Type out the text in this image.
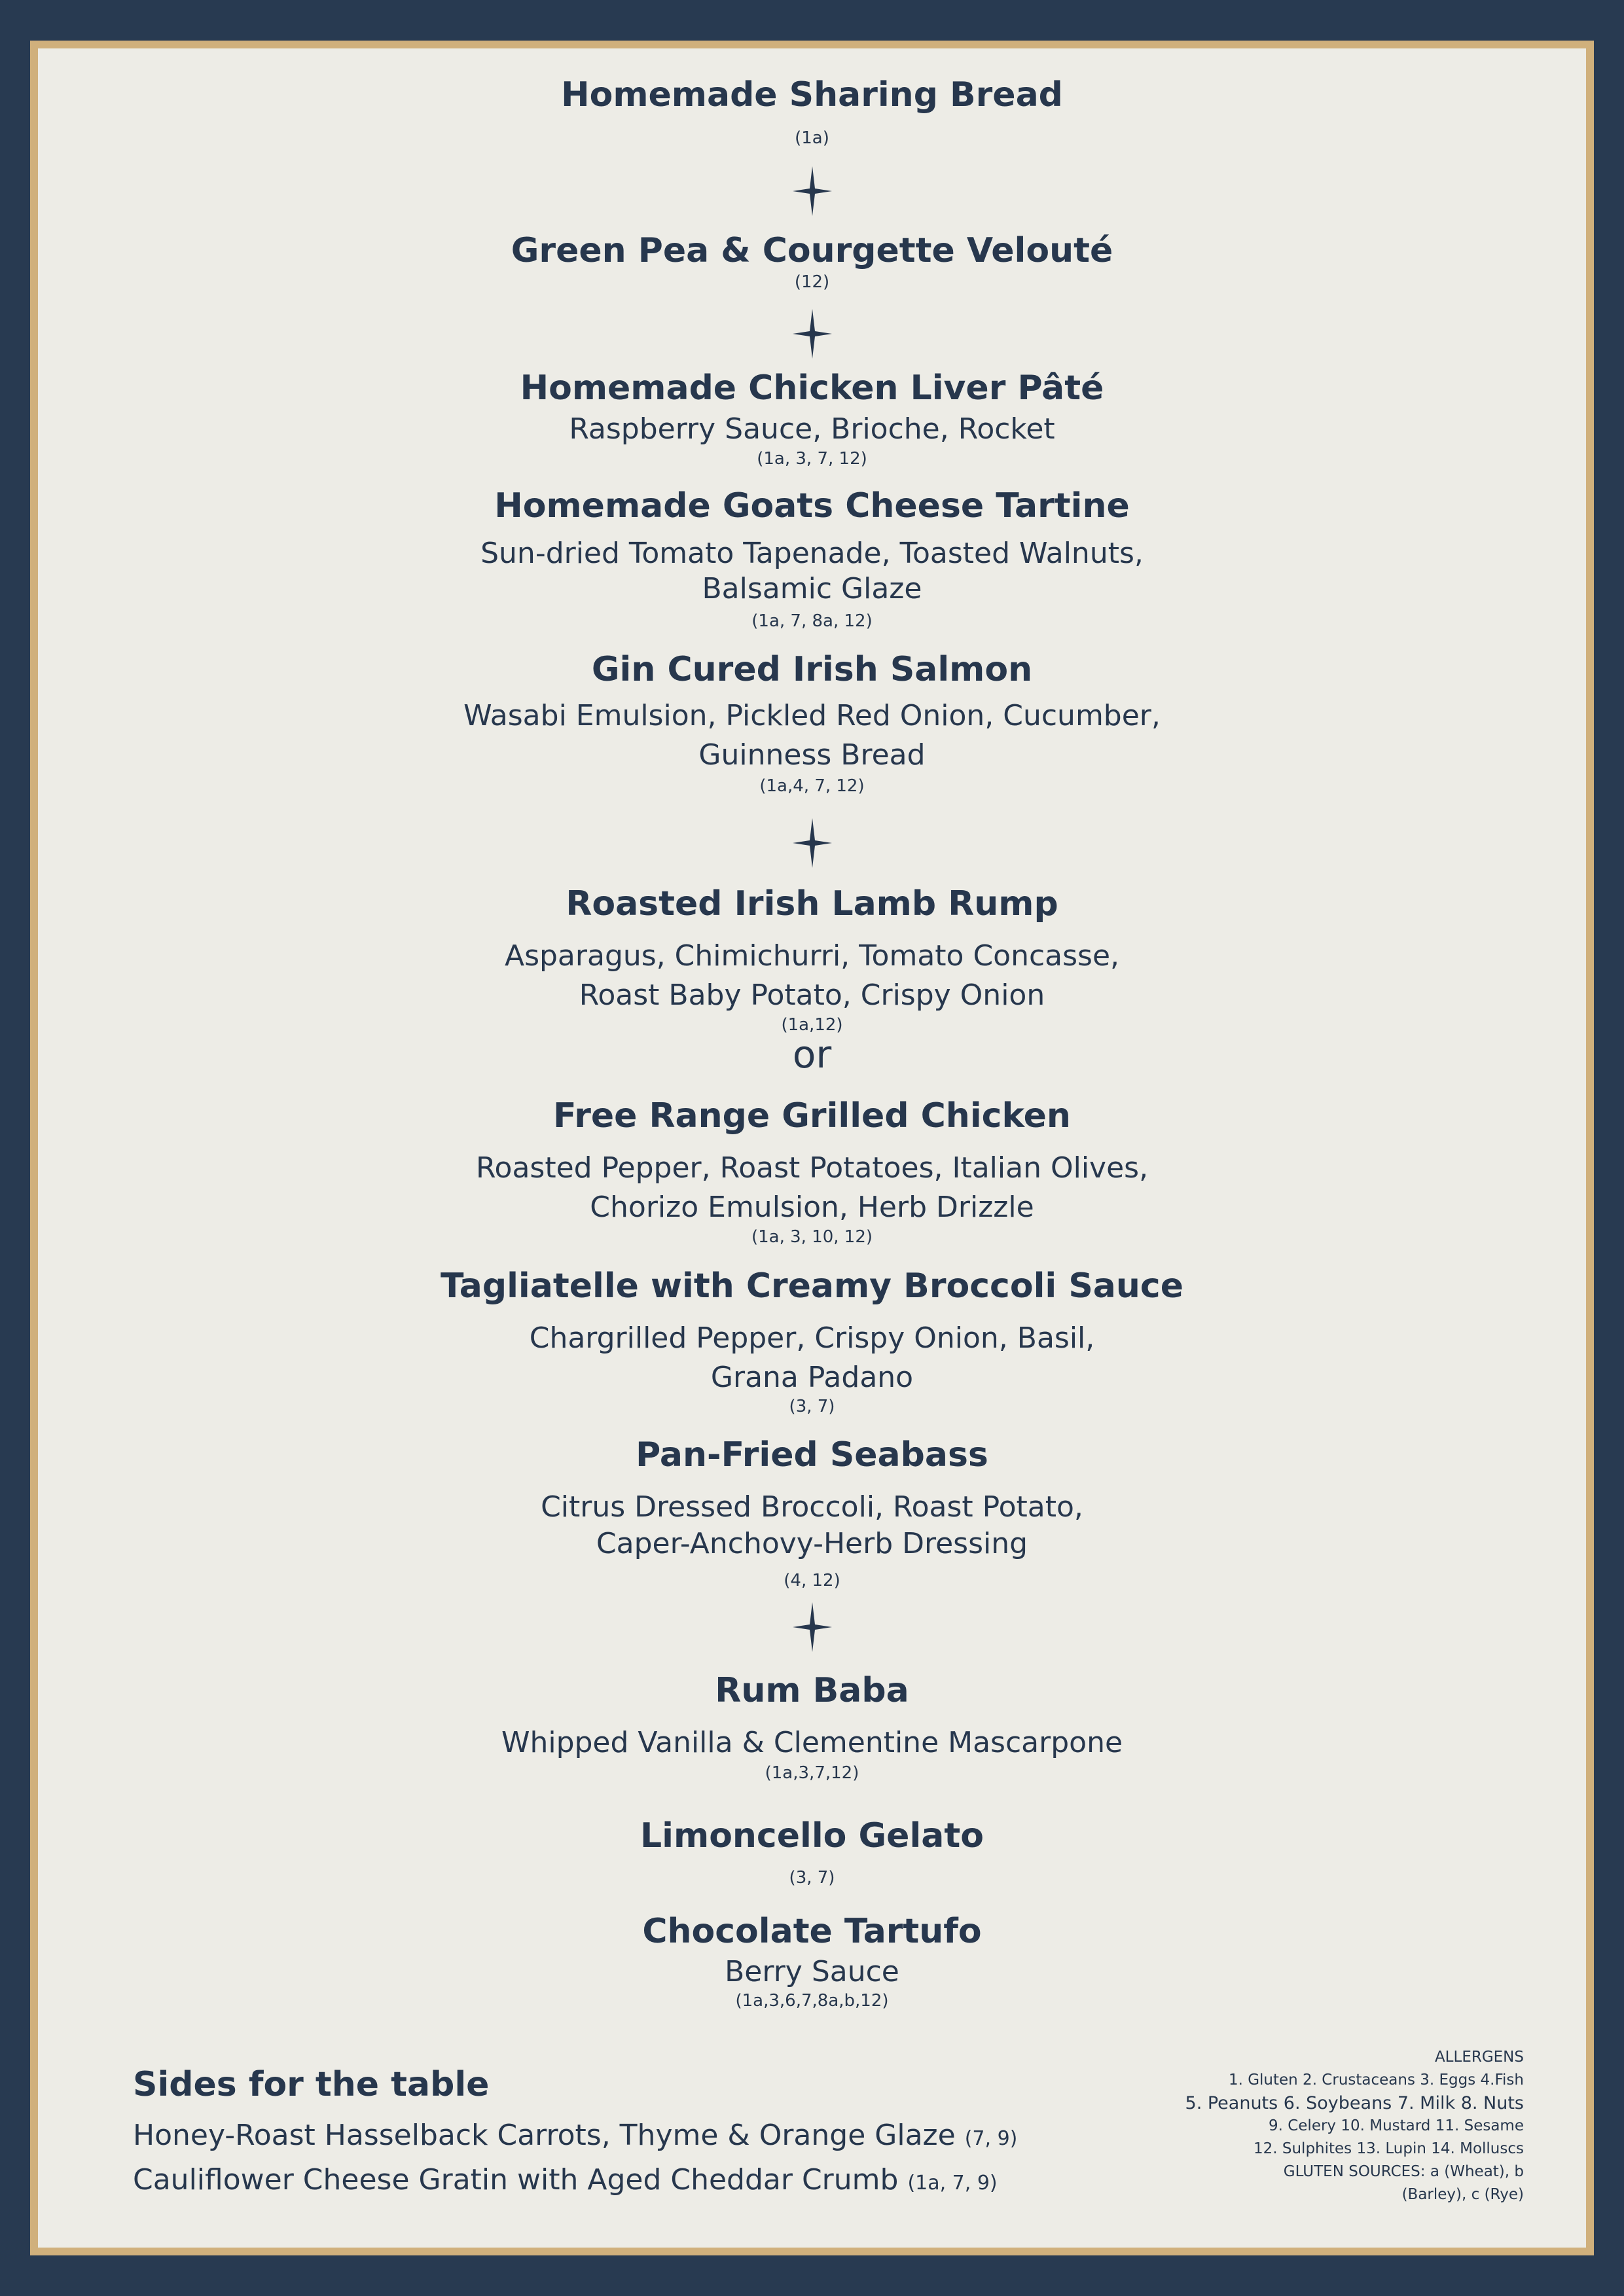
Homemade Sharing Bread
(1a)
Green Pea & Courgette Velouté
(12)
Homemade Chicken Liver Pâté
Raspberry Sauce, Brioche, Rocket
(1a, 3, 7, 12)
Homemade Goats Cheese Tartine
Sun-dried Tomato Tapenade, Toasted Walnuts,
Balsamic Glaze
(1a, 7, 8a, 12)
Gin Cured Irish Salmon
Wasabi Emulsion, Pickled Red Onion, Cucumber,
Guinness Bread
(1a,4, 7, 12)
Roasted Irish Lamb Rump
Asparagus, Chimichurri, Tomato Concasse,
Roast Baby Potato, Crispy Onion
(1a,12)
or
Free Range Grilled Chicken
Roasted Pepper, Roast Potatoes, Italian Olives,
Chorizo Emulsion, Herb Drizzle
(1a, 3, 10, 12)
Tagliatelle with Creamy Broccoli Sauce
Chargrilled Pepper, Crispy Onion, Basil,
Grana Padano
(3, 7)
Pan-Fried Seabass
Citrus Dressed Broccoli, Roast Potato,
Caper-Anchovy-Herb Dressing
(4, 12)
Rum Baba
Whipped Vanilla & Clementine Mascarpone
(1a,3,7,12)
Limoncello Gelato
(3, 7)
Chocolate Tartufo
Berry Sauce
(1a,3,6,7,8a,b,12)
Sides for the table
Honey-Roast Hasselback Carrots, Thyme & Orange Glaze (7, 9)
Cauliflower Cheese Gratin with Aged Cheddar Crumb (1a, 7, 9)
ALLERGENS
1. Gluten 2. Crustaceans 3. Eggs 4.Fish
5. Peanuts 6. Soybeans 7. Milk 8. Nuts
9. Celery 10. Mustard 11. Sesame
12. Sulphites 13. Lupin 14. Molluscs
GLUTEN SOURCES: a (Wheat), b
(Barley), c (Rye)
